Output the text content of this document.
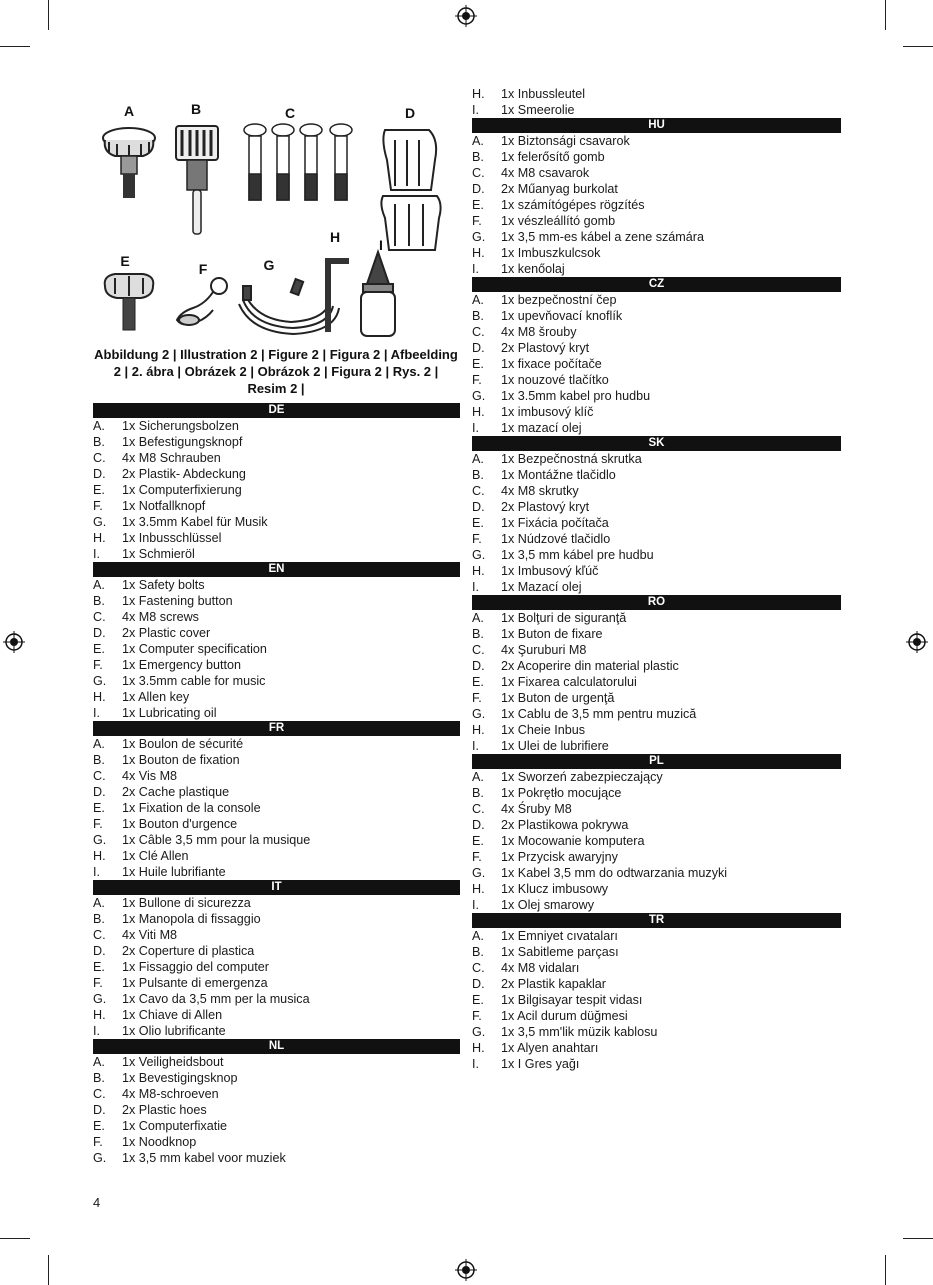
A	B	C	D
E	F	G
H	I
Abbildung 2 | Illustration 2 | Figure 2 | Figura 2 | Afbeelding 2 | 2. ábra | Obrázek 2 | Obrázok 2 | Figura 2 | Rys. 2 | Resim 2 |
DE
A. 1x Sicherungsbolzen
B. 1x Befestigungsknopf
C. 4x M8 Schrauben
D. 2x Plastik- Abdeckung
E. 1x Computerfixierung
F. 1x Notfallknopf
G. 1x 3.5mm Kabel für Musik
H. 1x Inbusschlüssel
I. 1x Schmieröl
EN
A. 1x Safety bolts
B. 1x Fastening button
C. 4x M8 screws
D. 2x Plastic cover
E. 1x Computer specification
F. 1x Emergency button
G. 1x 3.5mm cable for music
H. 1x Allen key
I. 1x Lubricating oil
FR
A. 1x Boulon de sécurité
B. 1x Bouton de fixation
C. 4x Vis M8
D. 2x Cache plastique
E. 1x Fixation de la console
F. 1x Bouton d'urgence
G. 1x Câble 3,5 mm pour la musique
H. 1x Clé Allen
I. 1x Huile lubrifiante
IT
A. 1x Bullone di sicurezza
B. 1x Manopola di fissaggio
C. 4x Viti M8
D. 2x Coperture di plastica
E. 1x Fissaggio del computer
F. 1x Pulsante di emergenza
G. 1x Cavo da 3,5 mm per la musica
H. 1x Chiave di Allen
I. 1x Olio lubrificante
NL
A. 1x Veiligheidsbout
B. 1x Bevestigingsknop
C. 4x M8-schroeven
D. 2x Plastic hoes
E. 1x Computerfixatie
F. 1x Noodknop
G. 1x 3,5 mm kabel voor muziek
H. 1x Inbussleutel
I. 1x Smeerolie
HU
A. 1x Biztonsági csavarok
B. 1x felerősítő gomb
C. 4x M8 csavarok
D. 2x Műanyag burkolat
E. 1x számítógépes rögzítés
F. 1x vészleállító gomb
G. 1x 3,5 mm-es kábel a zene számára
H. 1x Imbuszkulcsok
I. 1x kenőolaj
CZ
A. 1x bezpečnostní čep
B. 1x upevňovací knoflík
C. 4x M8 šrouby
D. 2x Plastový kryt
E. 1x fixace počítače
F. 1x nouzové tlačítko
G. 1x 3.5mm kabel pro hudbu
H. 1x imbusový klíč
I. 1x mazací olej
SK
A. 1x Bezpečnostná skrutka
B. 1x Montážne tlačidlo
C. 4x M8 skrutky
D. 2x Plastový kryt
E. 1x Fixácia počítača
F. 1x Núdzové tlačidlo
G. 1x 3,5 mm kábel pre hudbu
H. 1x Imbusový kľúč
I. 1x Mazací olej
RO
A. 1x Bolţuri de siguranţă
B. 1x Buton de fixare
C. 4x Şuruburi M8
D. 2x Acoperire din material plastic
E. 1x Fixarea calculatorului
F. 1x Buton de urgenţă
G. 1x Cablu de 3,5 mm pentru muzică
H. 1x Cheie Inbus
I. 1x Ulei de lubrifiere
PL
A. 1x Sworzeń zabezpieczający
B. 1x Pokrętło mocujące
C. 4x Śruby M8
D. 2x Plastikowa pokrywa
E. 1x Mocowanie komputera
F. 1x Przycisk awaryjny
G. 1x Kabel 3,5 mm do odtwarzania muzyki
H. 1x Klucz imbusowy
I. 1x Olej smarowy
TR
A. 1x Emniyet cıvataları
B. 1x Sabitleme parçası
C. 4x M8 vidaları
D. 2x Plastik kapaklar
E. 1x Bilgisayar tespit vidası
F. 1x Acil durum düğmesi
G. 1x 3,5 mm'lik müzik kablosu
H. 1x Alyen anahtarı
I. 1x I Gres yağı
4
